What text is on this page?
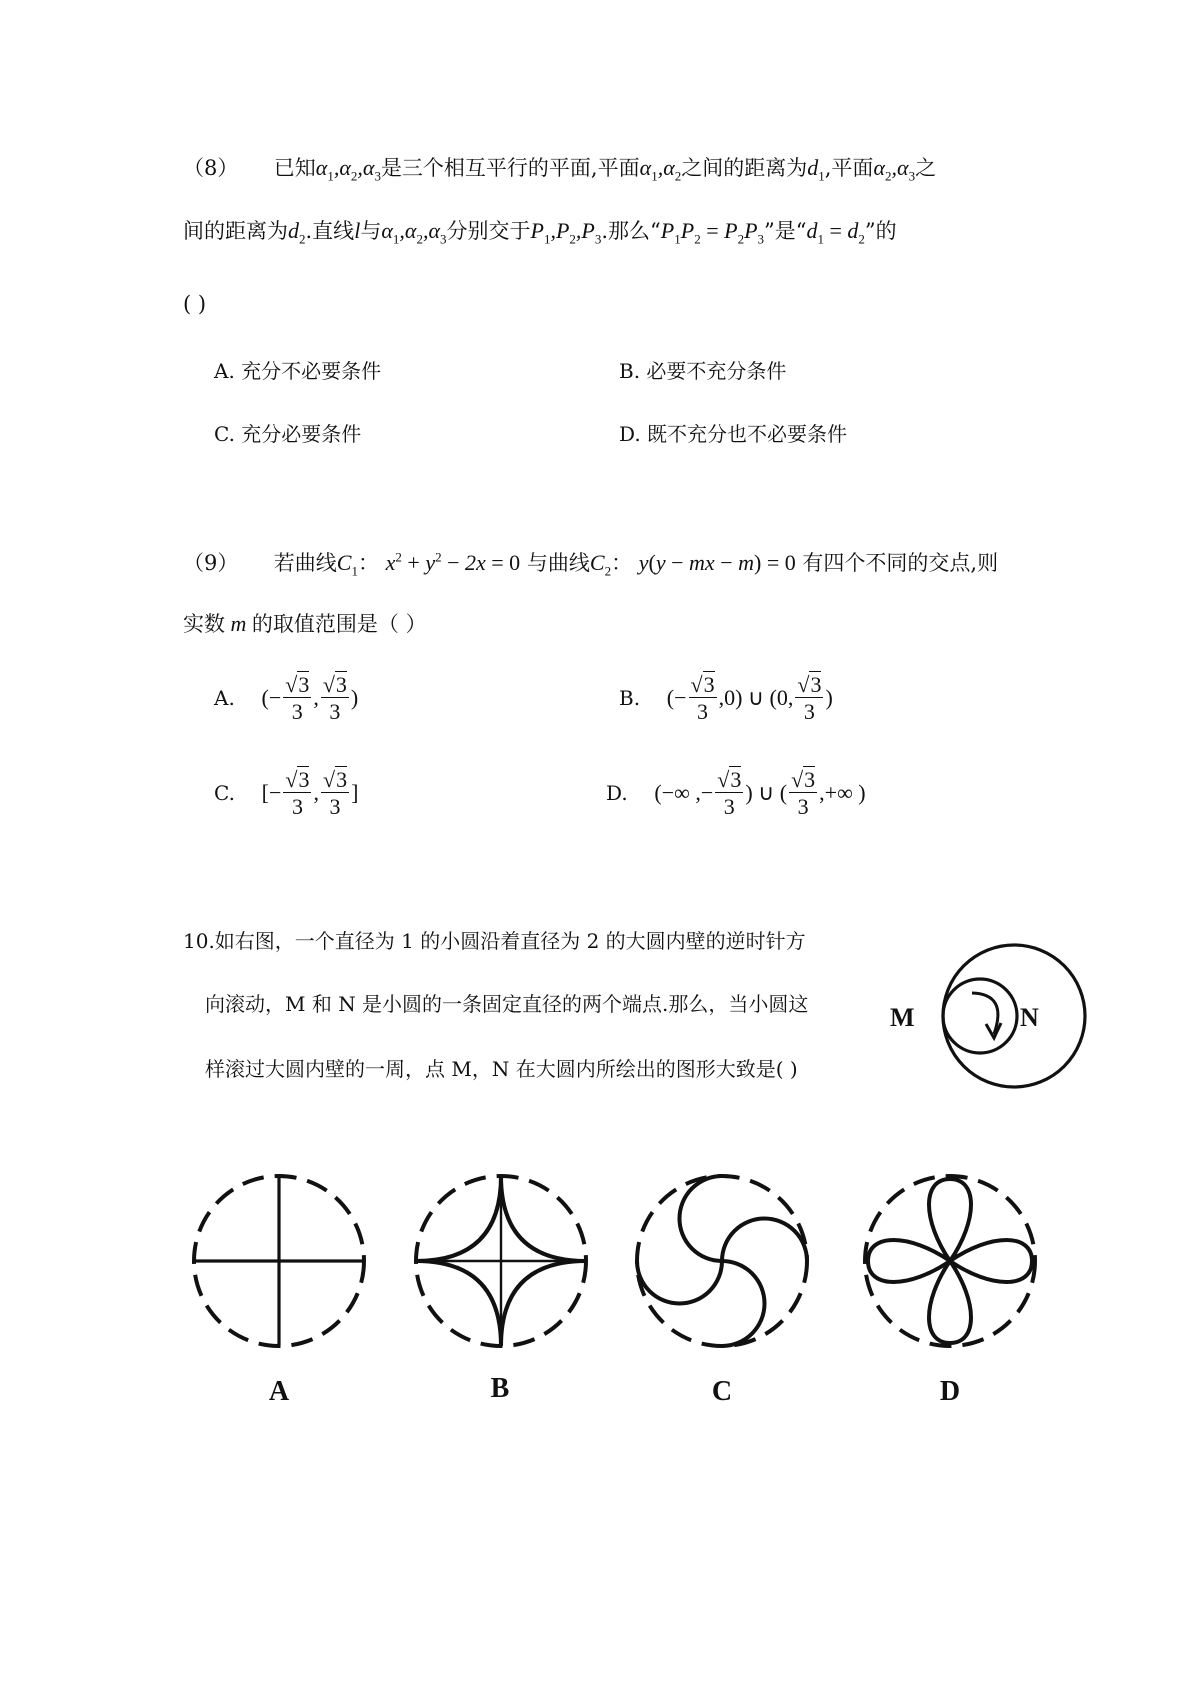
（8） 已知$\alpha_1,\alpha_2,\alpha_3$是三个相互平行的平面,平面$\alpha_1,\alpha_2$之间的距离为$d_1$,平面$\alpha_2,\alpha_3$之
间的距离为$d_2$.直线l与$\alpha_1,\alpha_2,\alpha_3$分别交于$P_1,P_2,P_3$.那么“$P_1P_2 = P_2P_3$”是“$d_1 = d_2$”的
( )
A. 充分不必要条件	B. 必要不充分条件
C. 充分必要条件	D. 既不充分也不必要条件
（9） 若曲线$C_1$： $x^2 + y^2 - 2x = 0$ 与曲线$C_2$： y(y − mx − m) = 0 有四个不同的交点,则
实数 m 的取值范围是（ ）
A. (− $\frac{√3}{3}$ , $\frac{√3}{3}$ )	B. (− $\frac{√3}{3} ,0$) ∪ (0, $\frac{√3}{3}$ )
C. [− $\frac{√3}{3}$ , $\frac{√3}{3}$ ]	D. (−∞ ,− $\frac{√3}{3}$ ) ∪ ( $\frac{√3}{3}$ ,+∞ )
10.如右图，一个直径为 1 的小圆沿着直径为 2 的大圆内壁的逆时针方
向滚动，M 和 N 是小圆的一条固定直径的两个端点.那么，当小圆这
样滚过大圆内壁的一周，点 M，N 在大圆内所绘出的图形大致是( )
M	N
A	B	C	D
